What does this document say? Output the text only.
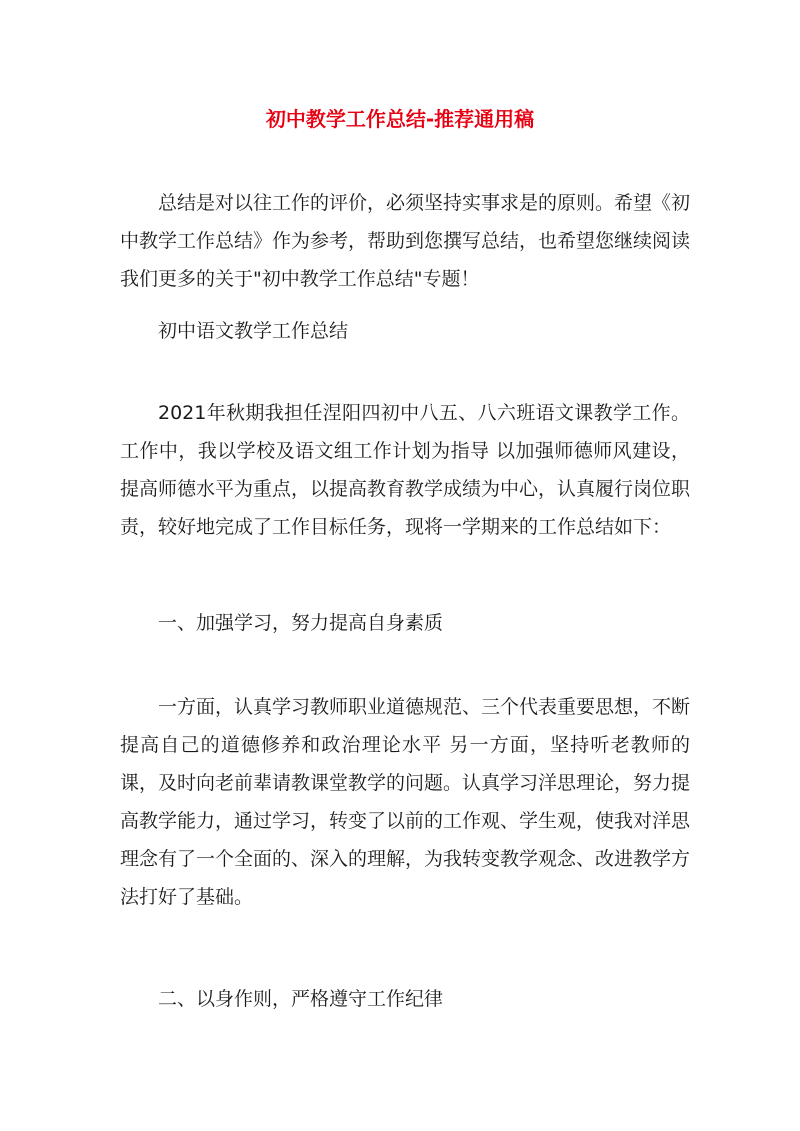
初中教学工作总结-推荐通用稿

总结是对以往工作的评价，必须坚持实事求是的原则。希望《初中教学工作总结》作为参考，帮助到您撰写总结，也希望您继续阅读我们更多的关于"初中教学工作总结"专题！

初中语文教学工作总结

2021年秋期我担任涅阳四初中八五、八六班语文课教学工作。工作中，我以学校及语文组工作计划为指导 以加强师德师风建设，提高师德水平为重点，以提高教育教学成绩为中心，认真履行岗位职责，较好地完成了工作目标任务，现将一学期来的工作总结如下：

一、加强学习，努力提高自身素质

一方面，认真学习教师职业道德规范、三个代表重要思想，不断提高自己的道德修养和政治理论水平 另一方面，坚持听老教师的课，及时向老前辈请教课堂教学的问题。认真学习洋思理论，努力提高教学能力，通过学习，转变了以前的工作观、学生观，使我对洋思理念有了一个全面的、深入的理解，为我转变教学观念、改进教学方法打好了基础。

二、以身作则，严格遵守工作纪律
